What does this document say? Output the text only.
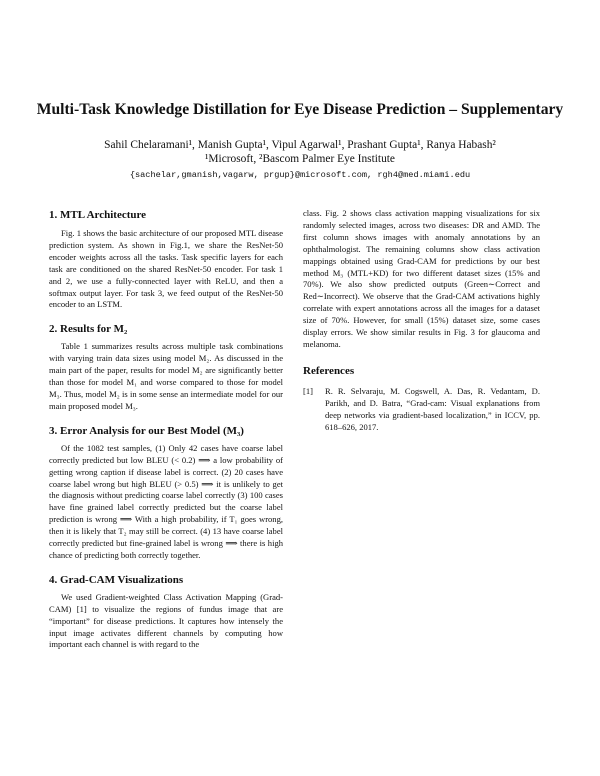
Multi-Task Knowledge Distillation for Eye Disease Prediction – Supplementary
Sahil Chelaramani¹, Manish Gupta¹, Vipul Agarwal¹, Prashant Gupta¹, Ranya Habash²
¹Microsoft, ²Bascom Palmer Eye Institute
{sachelar,gmanish,vagarw, prgup}@microsoft.com, rgh4@med.miami.edu
1. MTL Architecture

Fig. 1 shows the basic architecture of our proposed MTL disease prediction system. As shown in Fig.1, we share the ResNet-50 encoder weights across all the tasks. Task specific layers for each task are conditioned on the shared ResNet-50 encoder. For task 1 and 2, we use a fully-connected layer with ReLU, and then a softmax output layer. For task 3, we feed output of the ResNet-50 encoder to an LSTM.

2. Results for M₂

Table 1 summarizes results across multiple task combinations with varying train data sizes using model M₂. As discussed in the main part of the paper, results for model M₂ are significantly better than those for model M₁ and worse compared to those for model M₃. Thus, model M₂ is in some sense an intermediate model for our main proposed model M₃.

3. Error Analysis for our Best Model (M₃)

Of the 1082 test samples, (1) Only 42 cases have coarse label correctly predicted but low BLEU (< 0.2) ⟹ a low probability of getting wrong caption if disease label is correct. (2) 20 cases have coarse label wrong but high BLEU (> 0.5) ⟹ it is unlikely to get the diagnosis without predicting coarse label correctly (3) 100 cases have fine grained label correctly predicted but the coarse label prediction is wrong ⟹ With a high probability, if T₁ goes wrong, then it is likely that T₂ may still be correct. (4) 13 have coarse label correctly predicted but fine-grained label is wrong ⟹ there is high chance of predicting both correctly together.

4. Grad-CAM Visualizations

We used Gradient-weighted Class Activation Mapping (Grad-CAM) [1] to visualize the regions of fundus image that are “important” for disease predictions. It captures how intensely the input image activates different channels by computing how important each channel is with regard to the

class. Fig. 2 shows class activation mapping visualizations for six randomly selected images, across two diseases: DR and AMD. The first column shows images with anomaly annotations by an ophthalmologist. The remaining columns show class activation mappings obtained using Grad-CAM for predictions by our best method M₃ (MTL+KD) for two different dataset sizes (15% and 70%). We also show predicted outputs (Green∼Correct and Red∼Incorrect). We observe that the Grad-CAM activations highly correlate with expert annotations across all the images for a dataset size of 70%. However, for small (15%) dataset size, some cases display errors. We show similar results in Fig. 3 for glaucoma and melanoma.

References
[1]	R. R. Selvaraju, M. Cogswell, A. Das, R. Vedantam, D. Parikh, and D. Batra, “Grad-cam: Visual explanations from deep networks via gradient-based localization,” in ICCV, pp. 618–626, 2017.
